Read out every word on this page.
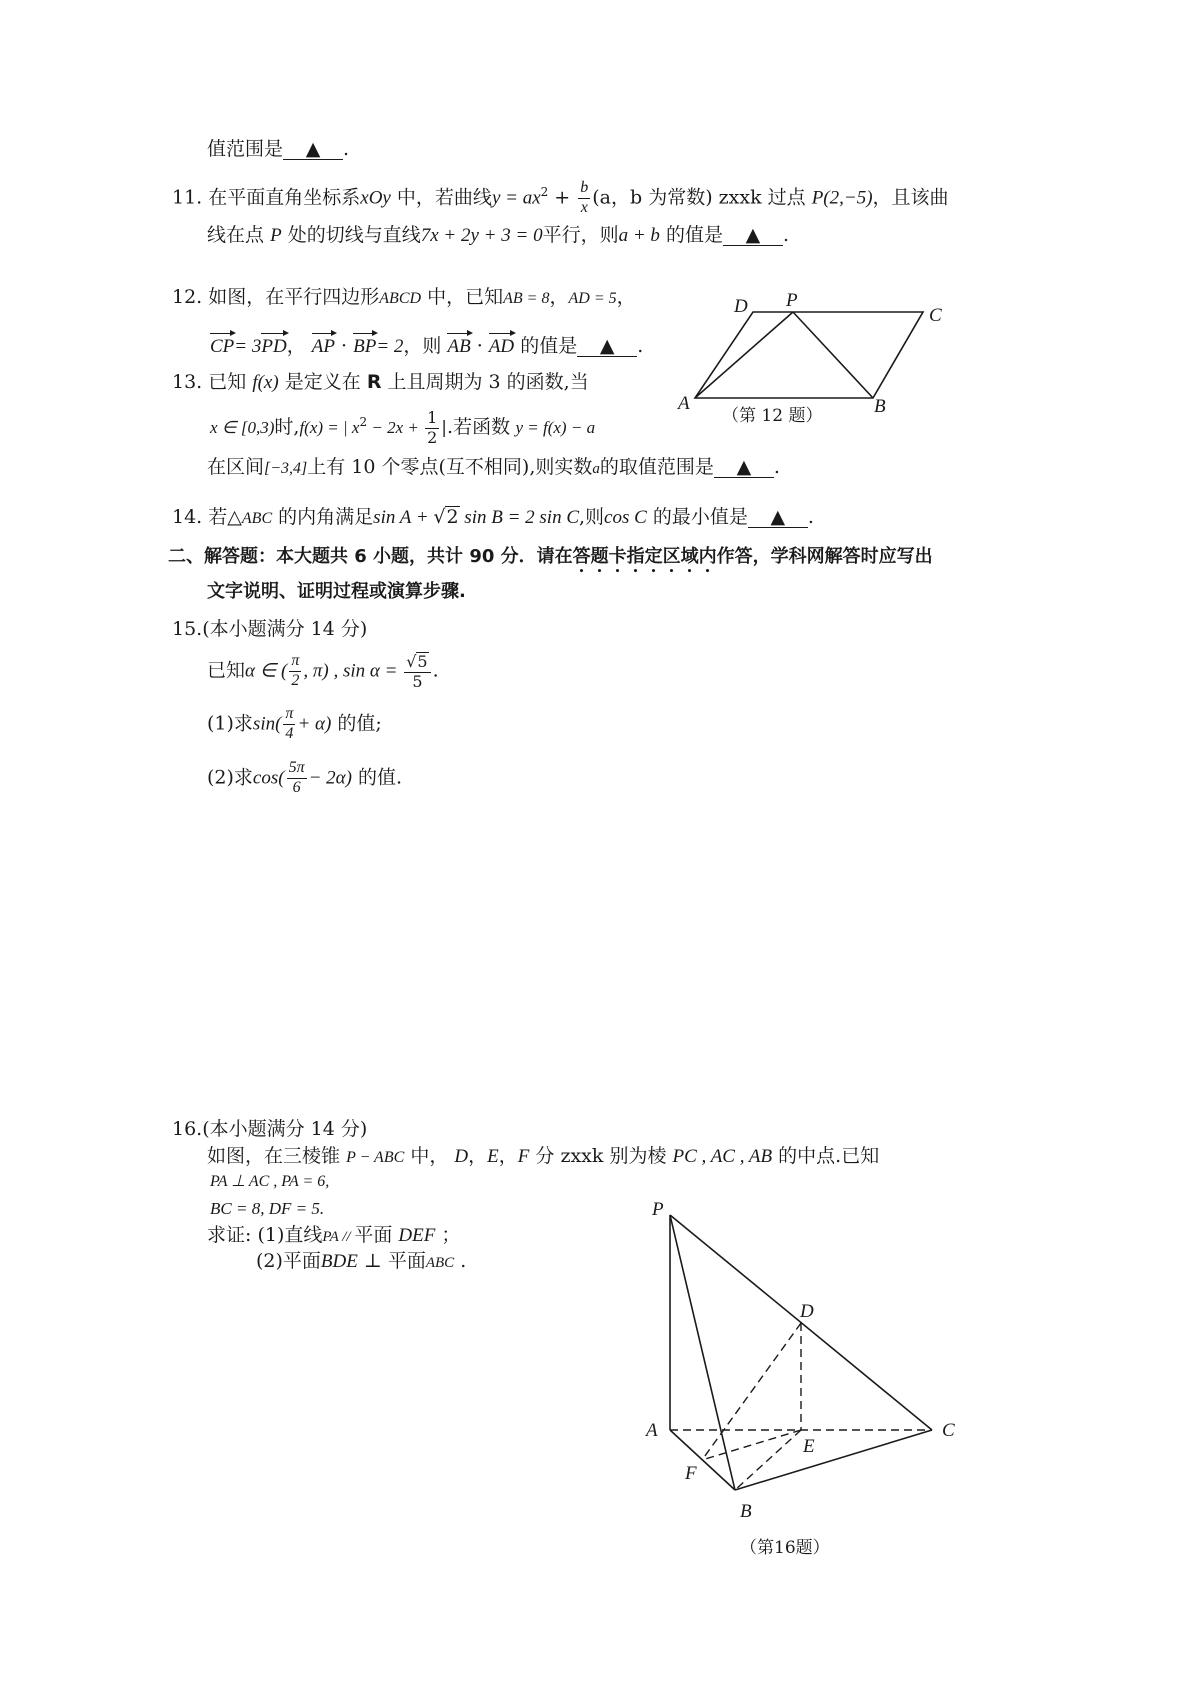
值范围是 ▲ .
11. 在平面直角坐标系xOy 中，若曲线$y = ax^2 + \frac{b}{x} (a$，b 为常数) zxxk 过点 P(2,−5)，且该曲
线在点 P 处的切线与直线7x + 2y + 3 = 0平行，则a + b 的值是 ▲ .
12. 如图，在平行四边形ABCD 中，已知AB = 8，AD = 5，
CP= 3PD， AP · BP= 2，则 AB · AD 的值是 ▲ .
D P
C
A	B
（第 12 题）
13. 已知 f(x) 是定义在 R 上且周期为 3 的函数,当
x ∈ [0,3)时,f(x) = | $x^2 - 2x + \frac{1}{2}$ |.若函数 y = f(x) − a
在区间[−3,4]上有 10 个零点(互不相同),则实数a的取值范围是 ▲ .
14. 若△ABC 的内角满足sin A + √2 sin B = 2 sin C,则cos C 的最小值是 ▲ .
二、解答题：本大题共 6 小题，共计 90 分．请在答题卡指定区域内作答，学科网解答时应写出
文字说明、证明过程或演算步骤.
15.(本小题满分 14 分)
已知α ∈ ( $\frac{\pi}{2}$ , π) , $\sin \alpha = \frac{√5}{5}$ .
(1)求$\sin( \frac{\pi}{4} + \alpha)$ 的值;
(2)求$\cos( \frac{5\pi}{6} - 2\alpha)$ 的值.
16.(本小题满分 14 分)
如图，在三棱锥 P − ABC 中， D，E，F 分 zxxk 别为棱 PC , AC , AB 的中点.已知
PA ⊥ AC , PA = 6,
BC = 8, DF = 5.
求证: (1)直线PA // 平面 DEF ；
(2)平面BDE ⊥ 平面ABC .
P
D
A
E
C
F
B
（第16题）
